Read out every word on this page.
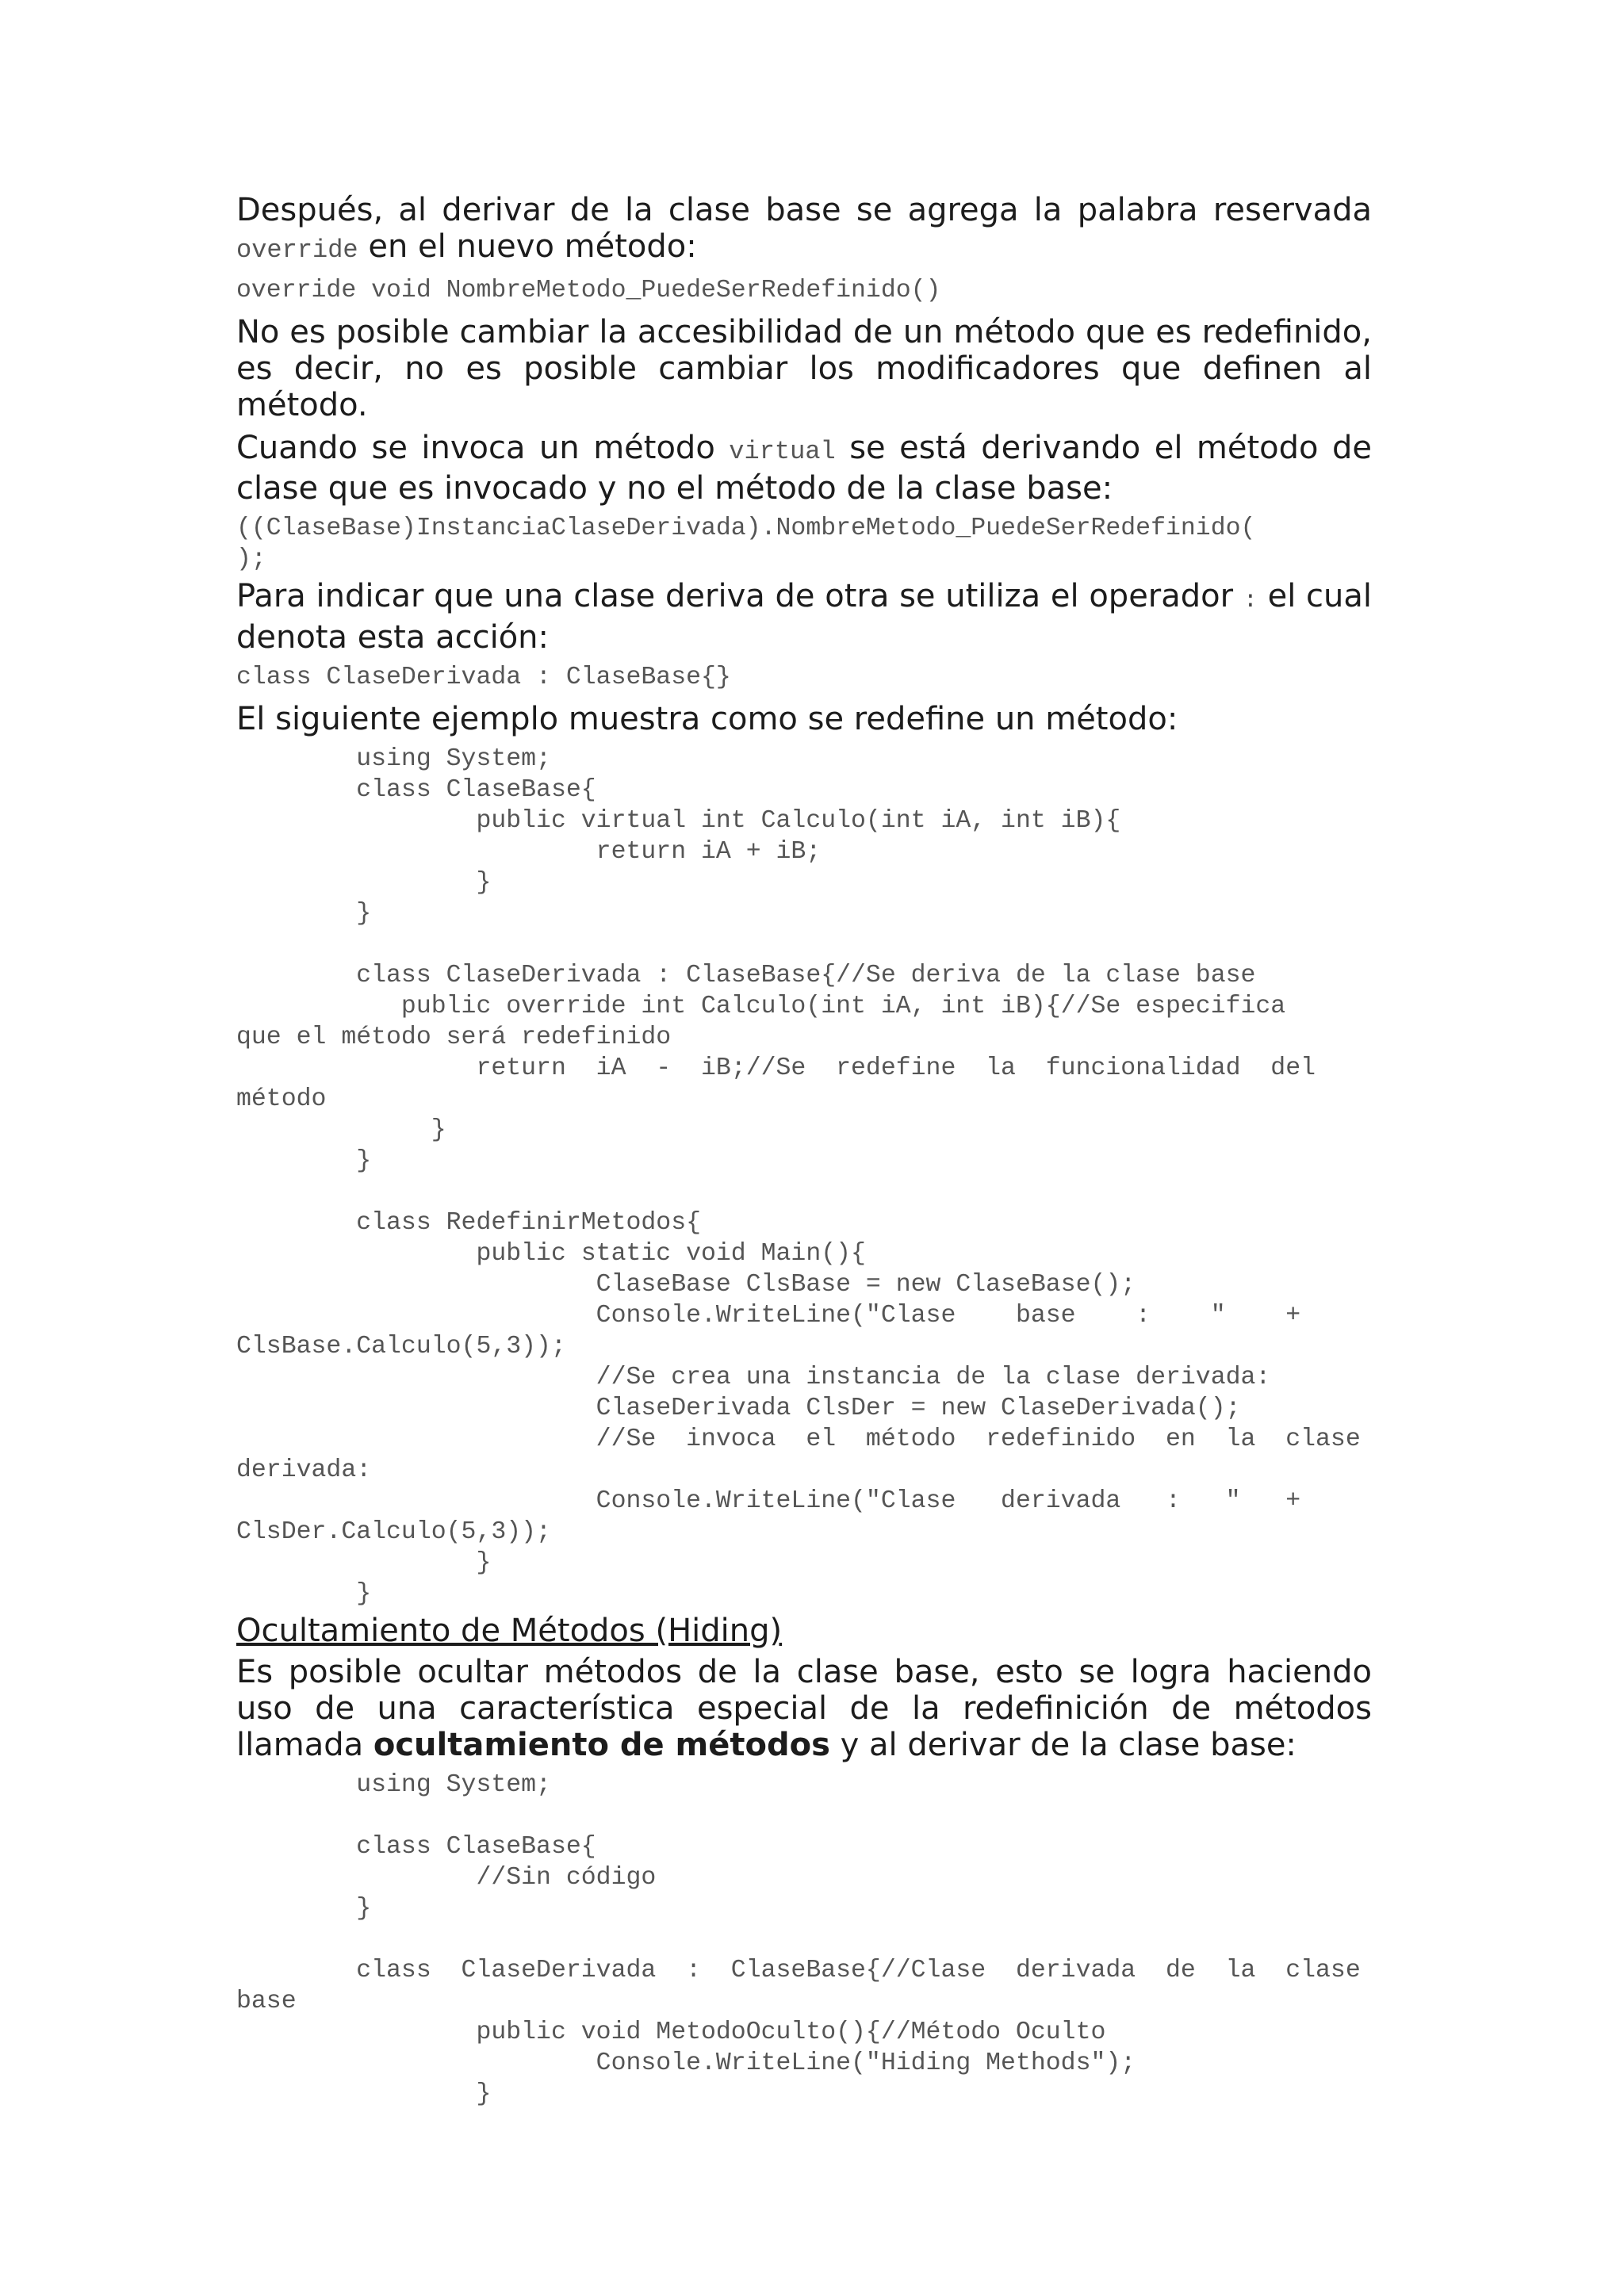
Después, al derivar de la clase base se agrega la palabra reservada override en el nuevo método:

override void NombreMetodo_PuedeSerRedefinido()

No es posible cambiar la accesibilidad de un método que es redefinido, es decir, no es posible cambiar los modificadores que definen al método.

Cuando se invoca un método virtual se está derivando el método de clase que es invocado y no el método de la clase base:

((ClaseBase)InstanciaClaseDerivada).NombreMetodo_PuedeSerRedefinido(
);

Para indicar que una clase deriva de otra se utiliza el operador : el cual denota esta acción:

class ClaseDerivada : ClaseBase{}

El siguiente ejemplo muestra como se redefine un método:

using System;
class ClaseBase{
public virtual int Calculo(int iA, int iB){
return iA + iB;
}
}
class ClaseDerivada : ClaseBase{//Se deriva de la clase base
public override int Calculo(int iA, int iB){//Se especifica
que el método será redefinido
return  iA  -  iB;//Se  redefine  la  funcionalidad  del
método
}
}
class RedefinirMetodos{
public static void Main(){
ClaseBase ClsBase = new ClaseBase();
Console.WriteLine("Clase    base    :    "    +
ClsBase.Calculo(5,3));
//Se crea una instancia de la clase derivada:
ClaseDerivada ClsDer = new ClaseDerivada();
//Se  invoca  el  método  redefinido  en  la  clase
derivada:
Console.WriteLine("Clase   derivada   :   "   +
ClsDer.Calculo(5,3));
}
}
Ocultamiento de Métodos (Hiding)

Es posible ocultar métodos de la clase base, esto se logra haciendo uso de una característica especial de la redefinición de métodos llamada ocultamiento de métodos y al derivar de la clase base:

using System;
class ClaseBase{
//Sin código
}
class  ClaseDerivada  :  ClaseBase{//Clase  derivada  de  la  clase
base
public void MetodoOculto(){//Método Oculto
Console.WriteLine("Hiding Methods");
}
